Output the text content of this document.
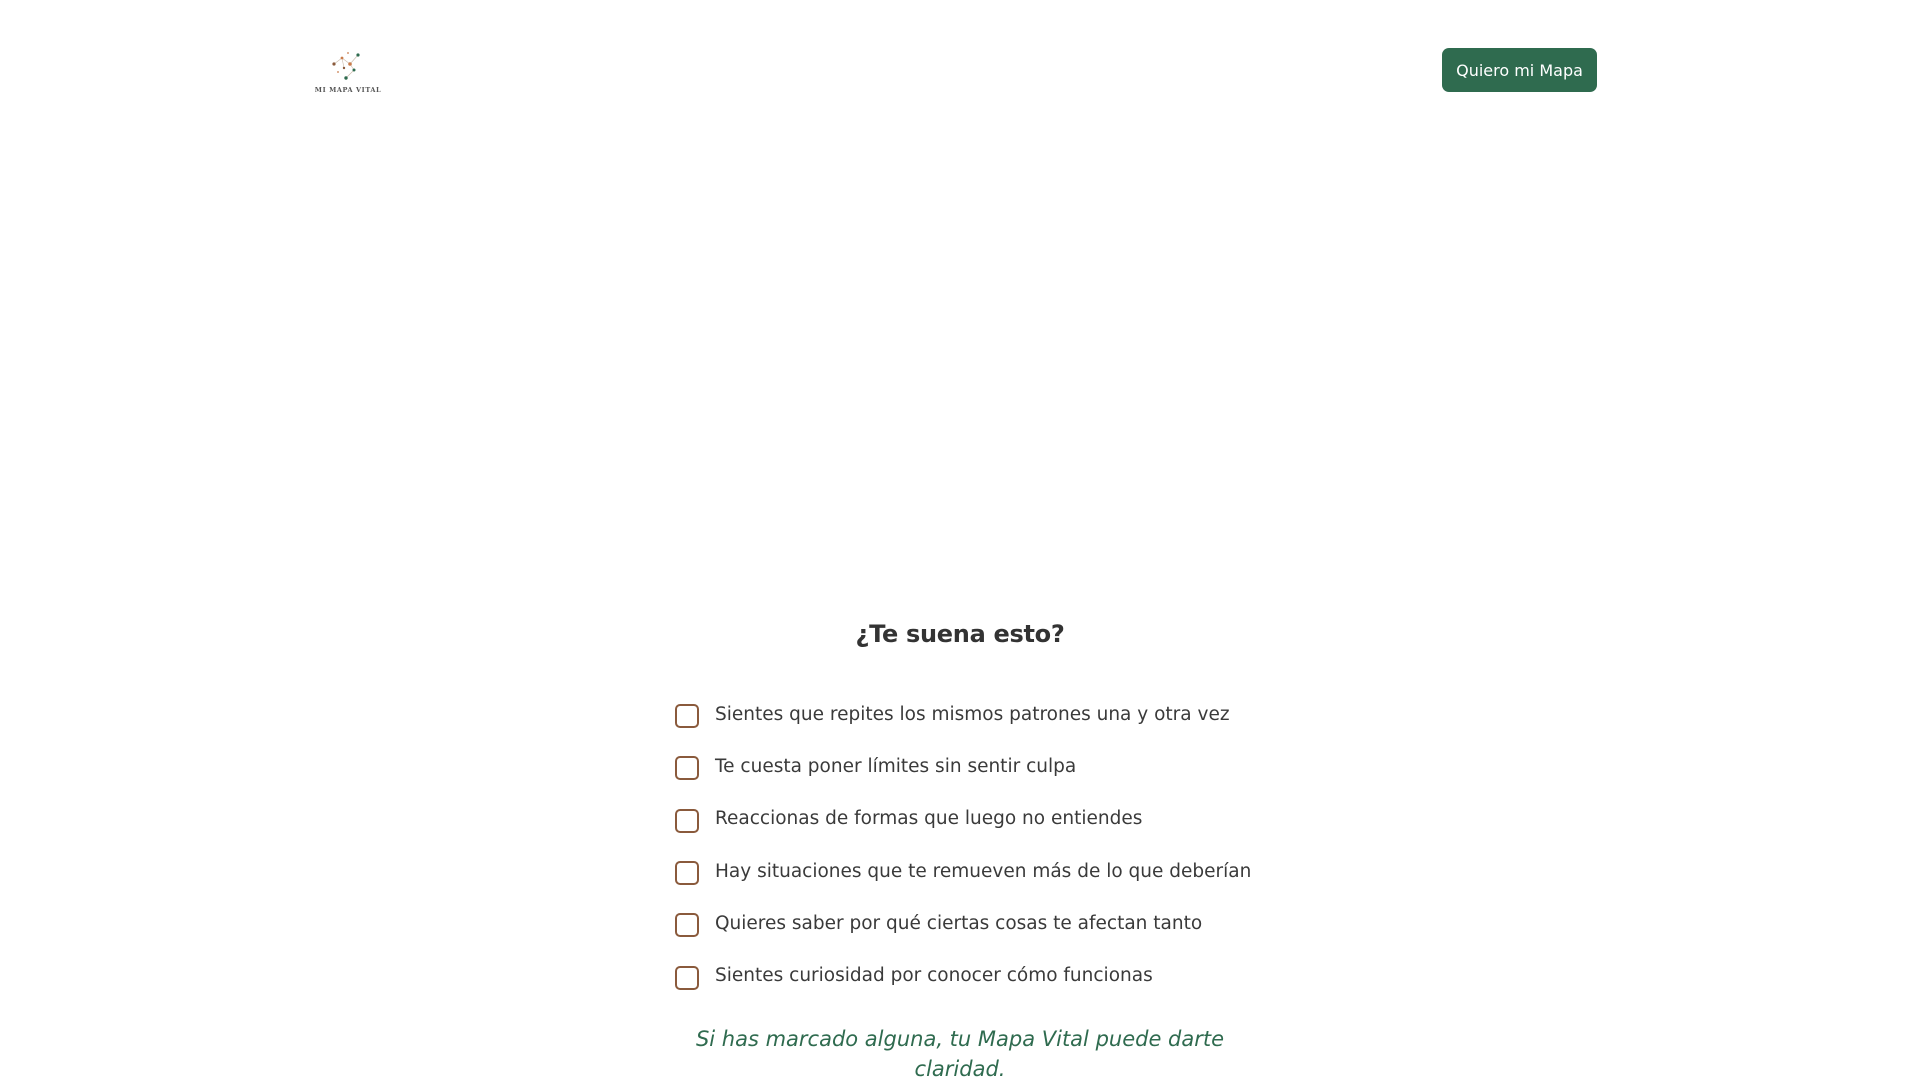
MI MAPA VITAL
Quiero mi Mapa
¿Te suena esto?
Sientes que repites los mismos patrones una y otra vez
Te cuesta poner límites sin sentir culpa
Reaccionas de formas que luego no entiendes
Hay situaciones que te remueven más de lo que deberían
Quieres saber por qué ciertas cosas te afectan tanto
Sientes curiosidad por conocer cómo funcionas

Si has marcado alguna, tu Mapa Vital puede darte claridad.
